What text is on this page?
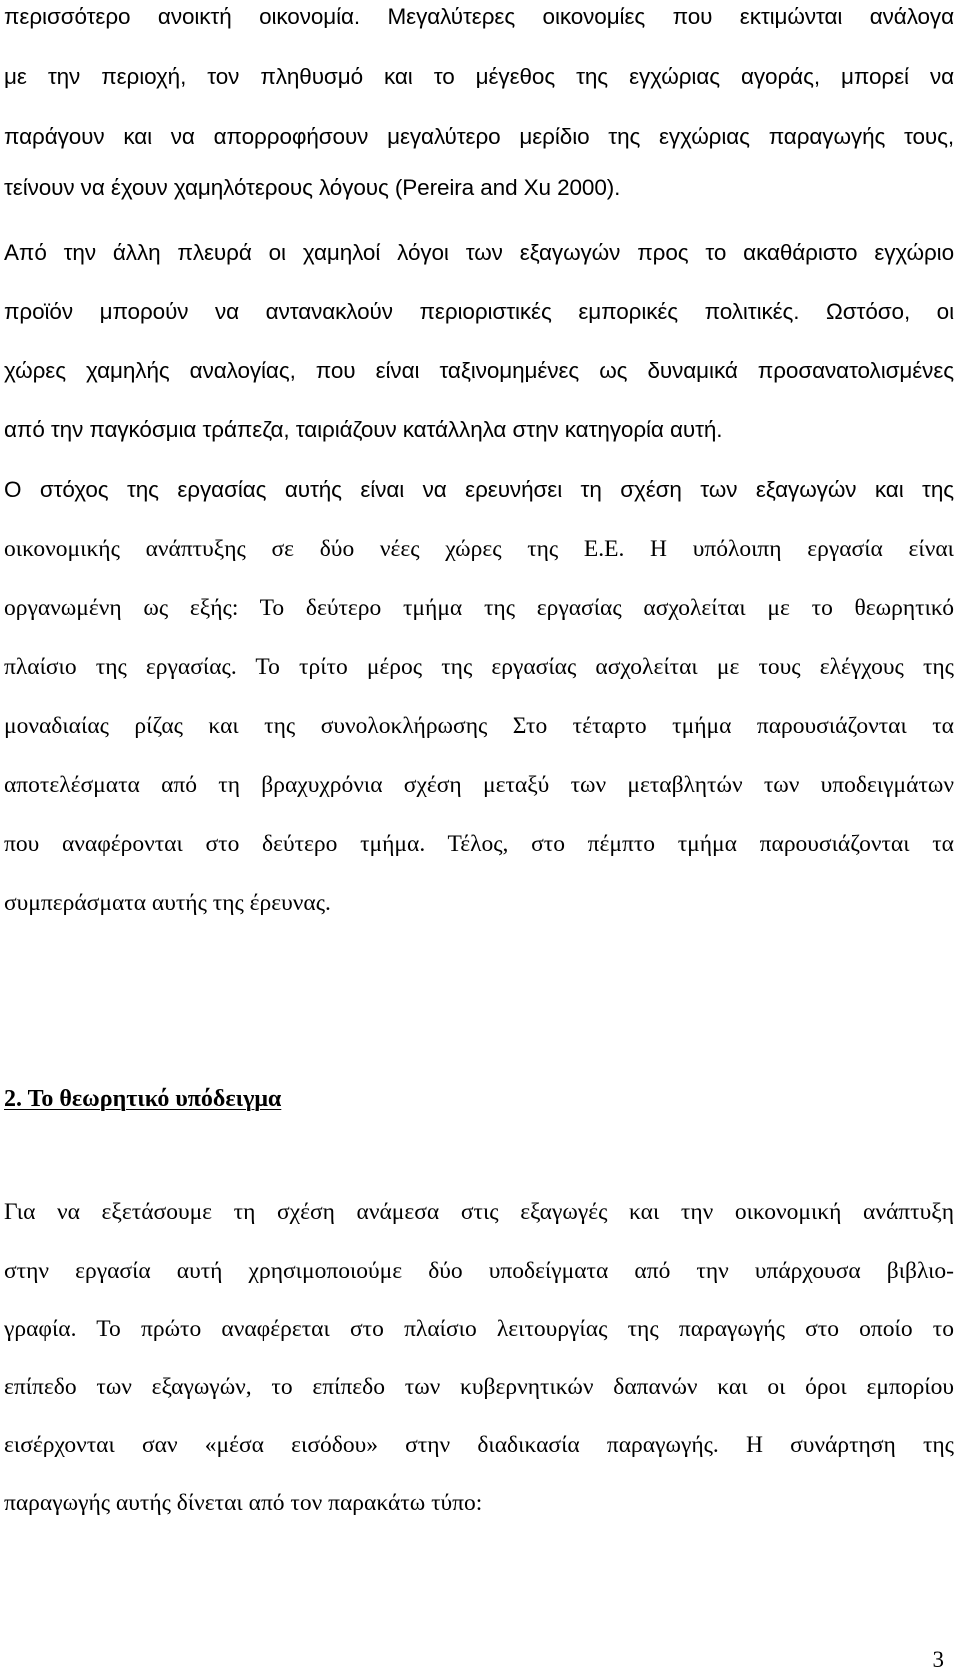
περισσότερο ανοικτή οικονομία. Μεγαλύτερες οικονομίες που εκτιμώνται ανάλογα

με την περιοχή, τον πληθυσμό και το μέγεθος της εγχώριας αγοράς, μπορεί να

παράγουν και να απορροφήσουν μεγαλύτερο μερίδιο της εγχώριας παραγωγής τους,

τείνουν να έχουν χαμηλότερους λόγους (Pereira and Xu 2000).

Από την άλλη πλευρά οι χαμηλοί λόγοι των εξαγωγών προς το ακαθάριστο εγχώριο

προϊόν μπορούν να αντανακλούν περιοριστικές εμπορικές πολιτικές. Ωστόσο, οι

χώρες χαμηλής αναλογίας, που είναι ταξινομημένες ως δυναμικά προσανατολισμένες

από την παγκόσμια τράπεζα, ταιριάζουν κατάλληλα στην κατηγορία αυτή.

Ο στόχος της εργασίας αυτής είναι να ερευνήσει τη σχέση των εξαγωγών και της

οικονομικής ανάπτυξης σε δύο νέες χώρες της Ε.Ε. Η υπόλοιπη εργασία είναι

οργανωμένη ως εξής: Το δεύτερο τμήμα της εργασίας ασχολείται με το θεωρητικό

πλαίσιο της εργασίας. Το τρίτο μέρος της εργασίας ασχολείται με τους ελέγχους της

μοναδιαίας ρίζας και της συνολοκλήρωσης Στο τέταρτο τμήμα παρουσιάζονται τα

αποτελέσματα από τη βραχυχρόνια σχέση μεταξύ των μεταβλητών των υποδειγμάτων

που αναφέρονται στο δεύτερο τμήμα. Τέλος, στο πέμπτο τμήμα παρουσιάζονται τα

συμπεράσματα αυτής της έρευνας.

2. Το θεωρητικό υπόδειγμα

Για να εξετάσουμε τη σχέση ανάμεσα στις εξαγωγές και την οικονομική ανάπτυξη

στην εργασία αυτή χρησιμοποιούμε δύο υποδείγματα από την υπάρχουσα βιβλιο-

γραφία. Το πρώτο αναφέρεται στο πλαίσιο λειτουργίας της παραγωγής στο οποίο το

επίπεδο των εξαγωγών, το επίπεδο των κυβερνητικών δαπανών και οι όροι εμπορίου

εισέρχονται σαν «μέσα εισόδου» στην διαδικασία παραγωγής. Η συνάρτηση της

παραγωγής αυτής δίνεται από τον παρακάτω τύπο:

3
